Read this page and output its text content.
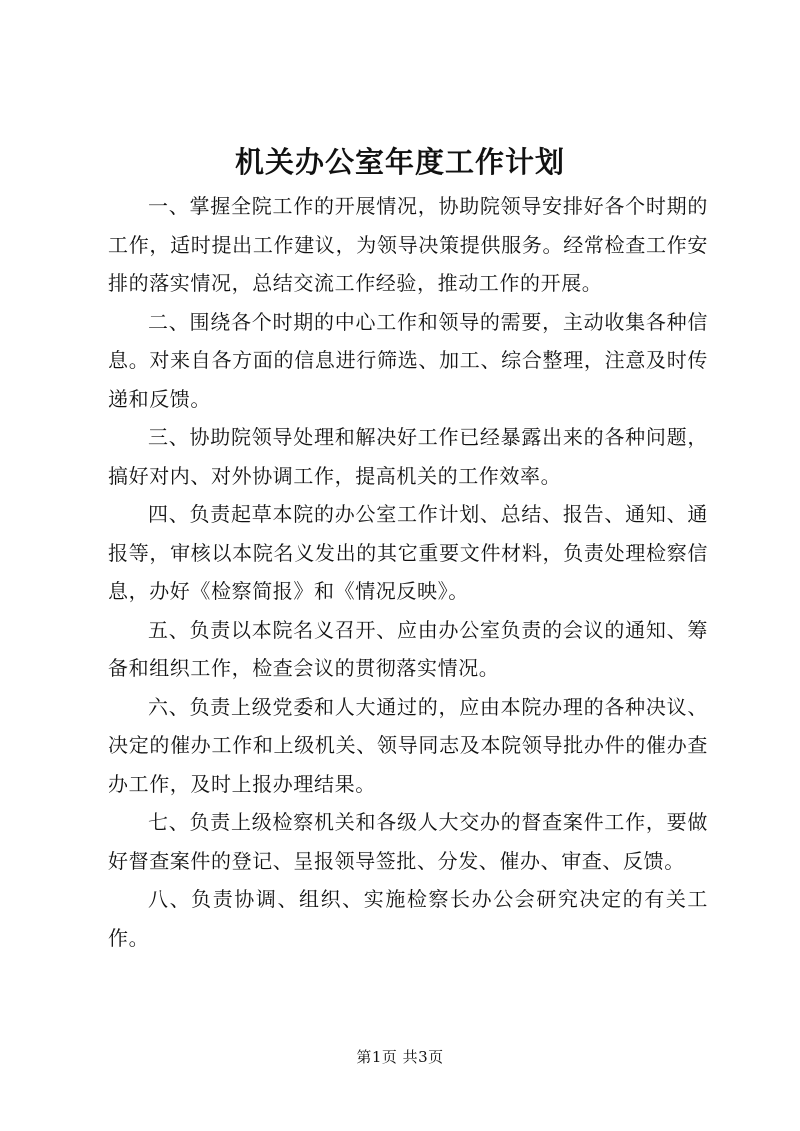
机关办公室年度工作计划

一、掌握全院工作的开展情况，协助院领导安排好各个时期的工作，适时提出工作建议，为领导决策提供服务。经常检查工作安排的落实情况，总结交流工作经验，推动工作的开展。

二、围绕各个时期的中心工作和领导的需要，主动收集各种信息。对来自各方面的信息进行筛选、加工、综合整理，注意及时传递和反馈。

三、协助院领导处理和解决好工作已经暴露出来的各种问题，搞好对内、对外协调工作，提高机关的工作效率。

四、负责起草本院的办公室工作计划、总结、报告、通知、通报等，审核以本院名义发出的其它重要文件材料，负责处理检察信息，办好《检察简报》和《情况反映》。

五、负责以本院名义召开、应由办公室负责的会议的通知、筹备和组织工作，检查会议的贯彻落实情况。

六、负责上级党委和人大通过的，应由本院办理的各种决议、决定的催办工作和上级机关、领导同志及本院领导批办件的催办查办工作，及时上报办理结果。

七、负责上级检察机关和各级人大交办的督查案件工作，要做好督查案件的登记、呈报领导签批、分发、催办、审查、反馈。

八、负责协调、组织、实施检察长办公会研究决定的有关工作。

第1页 共3页
